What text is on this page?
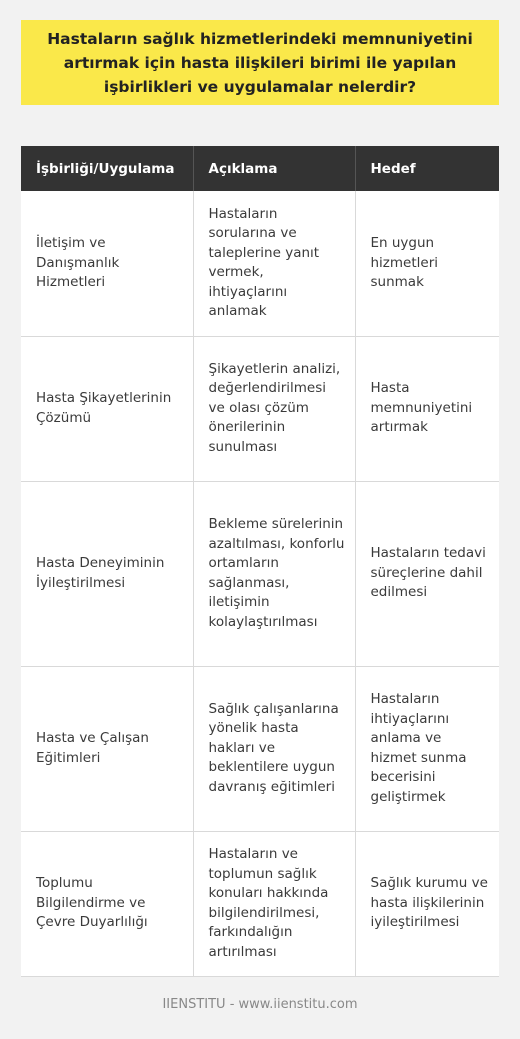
Hastaların sağlık hizmetlerindeki memnuniyetini artırmak için hasta ilişkileri birimi ile yapılan işbirlikleri ve uygulamalar nelerdir?
İşbirliği/Uygulama	Açıklama	Hedef
İletişim ve Danışmanlık Hizmetleri	Hastaların sorularına ve taleplerine yanıt vermek, ihtiyaçlarını anlamak	En uygun hizmetleri sunmak
Hasta Şikayetlerinin Çözümü	Şikayetlerin analizi, değerlendirilmesi ve olası çözüm önerilerinin sunulması	Hasta memnuniyetini artırmak
Hasta Deneyiminin İyileştirilmesi	Bekleme sürelerinin azaltılması, konforlu ortamların sağlanması, iletişimin kolaylaştırılması	Hastaların tedavi süreçlerine dahil edilmesi
Hasta ve Çalışan Eğitimleri	Sağlık çalışanlarına yönelik hasta hakları ve beklentilere uygun davranış eğitimleri	Hastaların ihtiyaçlarını anlama ve hizmet sunma becerisini geliştirmek
Toplumu Bilgilendirme ve Çevre Duyarlılığı	Hastaların ve toplumun sağlık konuları hakkında bilgilendirilmesi, farkındalığın artırılması	Sağlık kurumu ve hasta ilişkilerinin iyileştirilmesi
IIENSTITU - www.iienstitu.com
